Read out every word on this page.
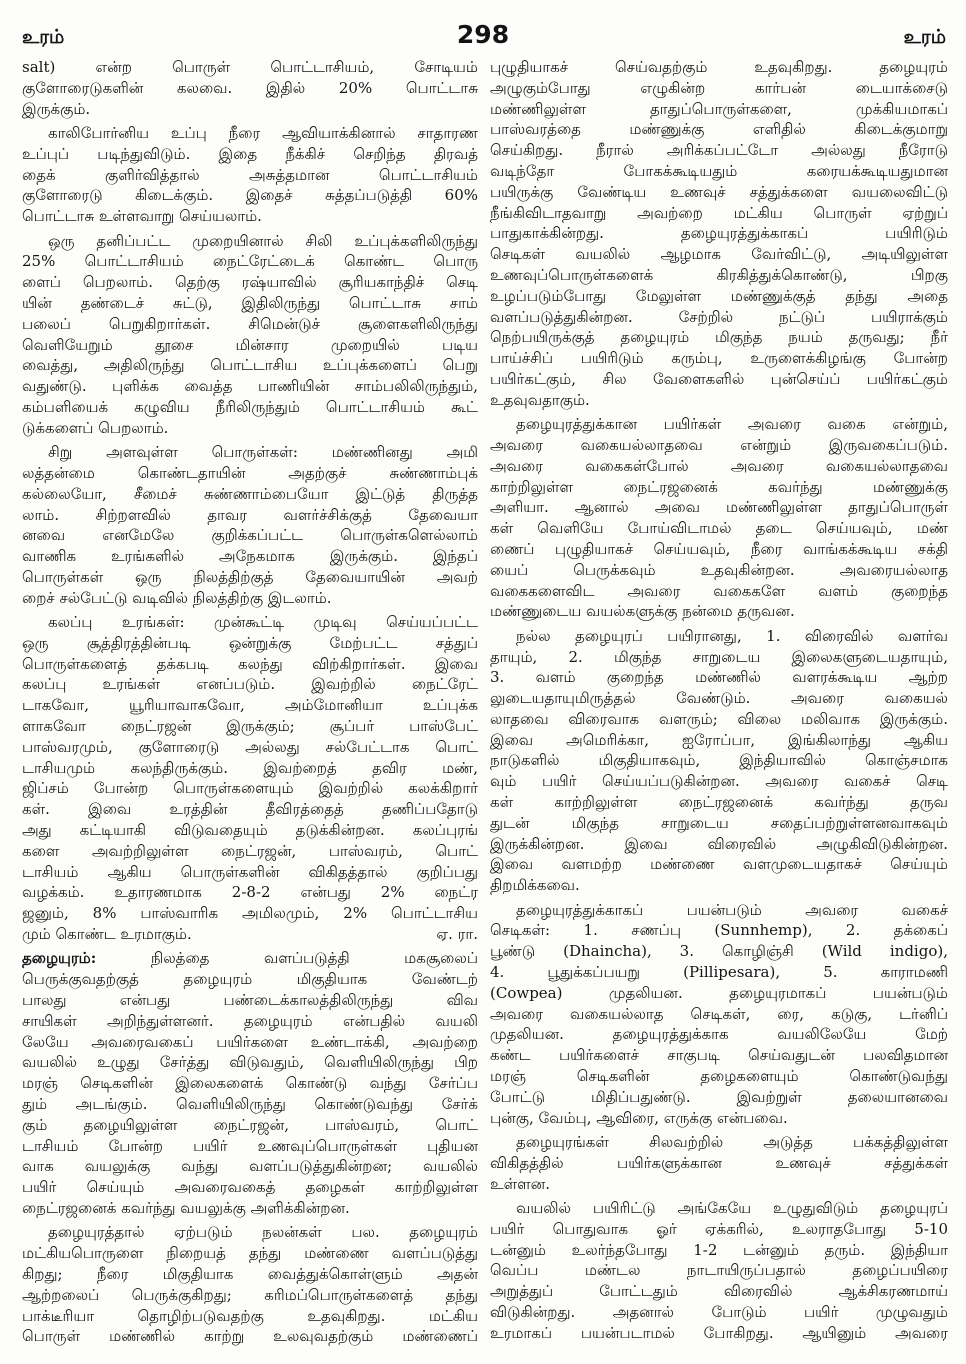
உரம்	298	உரம்
salt) என்ற பொருள் பொட்டாசியம், சோடியம்
குளோரைடுகளின் கலவை. இதில் 20% பொட்டாசு
இருக்கும்.
காலிபோர்னிய உப்பு நீரை ஆவியாக்கினால் சாதாரண
உப்புப் படிந்துவிடும். இதை நீக்கிச் செறிந்த திரவத்
தைக் குளிர்வித்தால் அசுத்தமான பொட்டாசியம்
குளோரைடு கிடைக்கும். இதைச் சுத்தப்படுத்தி 60%
பொட்டாசு உள்ளவாறு செய்யலாம்.
ஒரு தனிப்பட்ட முறையினால் சிலி உப்புக்களிலிருந்து
25% பொட்டாசியம் நைட்ரேட்டைக் கொண்ட பொரு
ளைப் பெறலாம். தெற்கு ரஷ்யாவில் சூரியகாந்திச் செடி
யின் தண்டைச் சுட்டு, இதிலிருந்து பொட்டாசு சாம்
பலைப் பெறுகிறார்கள். சிமென்டுச் சூளைகளிலிருந்து
வெளியேறும் தூசை மின்சார முறையில் படிய
வைத்து, அதிலிருந்து பொட்டாசிய உப்புக்களைப் பெறு
வதுண்டு. புளிக்க வைத்த பாணியின் சாம்பலிலிருந்தும்,
கம்பளியைக் கழுவிய நீரிலிருந்தும் பொட்டாசியம் கூட்
டுக்களைப் பெறலாம்.
சிறு அளவுள்ள பொருள்கள்: மண்ணினது அமி
லத்தன்மை கொண்டதாயின் அதற்குச் சுண்ணாம்புக்
கல்லையோ, சீமைச் சுண்ணாம்பையோ இட்டுத் திருத்த
லாம். சிற்றளவில் தாவர வளர்ச்சிக்குத் தேவையா
னவை எனமேலே குறிக்கப்பட்ட பொருள்களெல்லாம்
வாணிக உரங்களில் அநேகமாக இருக்கும். இந்தப்
பொருள்கள் ஒரு நிலத்திற்குத் தேவையாயின் அவற்
றைச் சல்பேட்டு வடிவில் நிலத்திற்கு இடலாம்.
கலப்பு உரங்கள்: முன்கூட்டி முடிவு செய்யப்பட்ட
ஒரு சூத்திரத்தின்படி ஒன்றுக்கு மேற்பட்ட சத்துப்
பொருள்களைத் தக்கபடி கலந்து விற்கிறார்கள். இவை
கலப்பு உரங்கள் எனப்படும். இவற்றில் நைட்ரேட்
டாகவோ, யூரியாவாகவோ, அம்மோனியா உப்புக்க
ளாகவோ நைட்ரஜன் இருக்கும்; சூப்பர் பாஸ்பேட்
பாஸ்வரமும், குளோரைடு அல்லது சல்பேட்டாக பொட்
டாசியமும் கலந்திருக்கும். இவற்றைத் தவிர மண்,
ஜிப்சம் போன்ற பொருள்களையும் இவற்றில் கலக்கிறார்
கள். இவை உரத்தின் தீவிரத்தைத் தணிப்பதோடு
அது கட்டியாகி விடுவதையும் தடுக்கின்றன. கலப்புரங்
களை அவற்றிலுள்ள நைட்ரஜன், பாஸ்வரம், பொட்
டாசியம் ஆகிய பொருள்களின் விகிதத்தால் குறிப்பது
வழக்கம். உதாரணமாக 2-8-2 என்பது 2% நைட்ர
ஜனும், 8% பாஸ்வாரிக அமிலமும், 2% பொட்டாசிய
மும் கொண்ட உரமாகும்.	ஏ. ரா.
தழையுரம்:	நிலத்தை வளப்படுத்தி மகசூலைப்
பெருக்குவதற்குத் தழையுரம் மிகுதியாக வேண்டற்
பாலது என்பது பண்டைக்காலத்திலிருந்து விவ
சாயிகள் அறிந்துள்ளனர். தழையுரம் என்பதில் வயலி
லேயே அவரைவகைப் பயிர்களை உண்டாக்கி, அவற்றை
வயலில் உழுது சேர்த்து விடுவதும், வெளியிலிருந்து பிற
மரஞ் செடிகளின் இலைகளைக் கொண்டு வந்து சேர்ப்ப
தும் அடங்கும். வெளியிலிருந்து கொண்டுவந்து சேர்க்
கும் தழையிலுள்ள நைட்ரஜன், பாஸ்வரம், பொட்
டாசியம் போன்ற பயிர் உணவுப்பொருள்கள் புதியன
வாக வயலுக்கு வந்து வளப்படுத்துகின்றன; வயலில்
பயிர் செய்யும் அவரைவகைத் தழைகள் காற்றிலுள்ள
நைட்ரஜனைக் கவர்ந்து வயலுக்கு அளிக்கின்றன.
தழையுரத்தால் ஏற்படும் நலன்கள் பல. தழையுரம்
மட்கியபொருளை நிறையத் தந்து மண்ணை வளப்படுத்து
கிறது; நீரை மிகுதியாக வைத்துக்கொள்ளும் அதன்
ஆற்றலைப் பெருக்குகிறது; கரிமப்பொருள்களைத் தந்து
பாக்டீரியா தொழிற்படுவதற்கு உதவுகிறது. மட்கிய
பொருள் மண்ணில் காற்று உலவுவதற்கும் மண்ணைப்
புழுதியாகச் செய்வதற்கும் உதவுகிறது. தழையுரம்
அழுகும்போது எழுகின்ற கார்பன் டையாக்சைடு
மண்ணிலுள்ள தாதுப்பொருள்களை, முக்கியமாகப்
பாஸ்வரத்தை மண்ணுக்கு எளிதில் கிடைக்குமாறு
செய்கிறது. நீரால் அரிக்கப்பட்டோ அல்லது நீரோடு
வடிந்தோ போகக்கூடியதும் கரையக்கூடியதுமான
பயிருக்கு வேண்டிய உணவுச் சத்துக்களை வயலைவிட்டு
நீங்கிவிடாதவாறு அவற்றை மட்கிய பொருள் ஏற்றுப்
பாதுகாக்கின்றது. தழையுரத்துக்காகப் பயிரிடும்
செடிகள் வயலில் ஆழமாக வேர்விட்டு, அடியிலுள்ள
உணவுப்பொருள்களைக் கிரகித்துக்கொண்டு, பிறகு
உழப்படும்போது மேலுள்ள மண்ணுக்குத் தந்து அதை
வளப்படுத்துகின்றன. சேற்றில் நட்டுப் பயிராக்கும்
நெற்பயிருக்குத் தழையுரம் மிகுந்த நயம் தருவது; நீர்
பாய்ச்சிப் பயிரிடும் கரும்பு, உருளைக்கிழங்கு போன்ற
பயிர்கட்கும், சில வேளைகளில் புன்செய்ப் பயிர்கட்கும்
உதவுவதாகும்.
தழையுரத்துக்கான பயிர்கள் அவரை வகை என்றும்,
அவரை வகையல்லாதவை என்றும் இருவகைப்படும்.
அவரை வகைகள்போல் அவரை வகையல்லாதவை
காற்றிலுள்ள நைட்ரஜனைக் கவர்ந்து மண்ணுக்கு
அளியா. ஆனால் அவை மண்ணிலுள்ள தாதுப்பொருள்
கள் வெளியே போய்விடாமல் தடை செய்யவும், மண்
ணைப் புழுதியாகச் செய்யவும், நீரை வாங்கக்கூடிய சக்தி
யைப் பெருக்கவும் உதவுகின்றன. அவரையல்லாத
வகைகளைவிட அவரை வகைகளே வளம் குறைந்த
மண்ணுடைய வயல்களுக்கு நன்மை தருவன.
நல்ல தழையுரப் பயிரானது, 1. விரைவில் வளர்வ
தாயும், 2. மிகுந்த சாறுடைய இலைகளுடையதாயும்,
3. வளம் குறைந்த மண்ணில் வளரக்கூடிய ஆற்ற
லுடையதாயுமிருத்தல் வேண்டும். அவரை வகையல்
லாதவை விரைவாக வளரும்; விலை மலிவாக இருக்கும்.
இவை அமெரிக்கா, ஐரோப்பா, இங்கிலாந்து ஆகிய
நாடுகளில் மிகுதியாகவும், இந்தியாவில் கொஞ்சமாக
வும் பயிர் செய்யப்படுகின்றன. அவரை வகைச் செடி
கள் காற்றிலுள்ள நைட்ரஜனைக் கவர்ந்து தருவ
துடன் மிகுந்த சாறுடைய சதைப்பற்றுள்ளனவாகவும்
இருக்கின்றன. இவை விரைவில் அழுகிவிடுகின்றன.
இவை வளமற்ற மண்ணை வளமுடையதாகச் செய்யும்
திறமிக்கவை.
தழையுரத்துக்காகப் பயன்படும் அவரை வகைச்
செடிகள்: 1. சணப்பு (Sunnhemp), 2. தக்கைப்
பூண்டு (Dhaincha), 3. கொழிஞ்சி (Wild indigo),
4. பூதுக்கப்பயறு (Pillipesara), 5. காராமணி
(Cowpea) முதலியன. தழையுரமாகப் பயன்படும்
அவரை வகையல்லாத செடிகள், ரை, கடுகு, டர்னிப்
முதலியன. தழையுரத்துக்காக வயலிலேயே மேற்
கண்ட பயிர்களைச் சாகுபடி செய்வதுடன் பலவிதமான
மரஞ் செடிகளின் தழைகளையும் கொண்டுவந்து
போட்டு மிதிப்பதுண்டு. இவற்றுள் தலையானவை
புன்கு, வேம்பு, ஆவிரை, எருக்கு என்பவை.
தழையுரங்கள் சிலவற்றில் அடுத்த பக்கத்திலுள்ள
விகிதத்தில் பயிர்களுக்கான உணவுச் சத்துக்கள்
உள்ளன.
வயலில் பயிரிட்டு அங்கேயே உழுதுவிடும் தழையுரப்
பயிர் பொதுவாக ஓர் ஏக்கரில், உலராதபோது 5-10
டன்னும் உலர்ந்தபோது 1-2 டன்னும் தரும். இந்தியா
வெப்ப மண்டல நாடாயிருப்பதால் தழைப்பயிரை
அறுத்துப் போட்டதும் விரைவில் ஆக்சிகரணமாய்
விடுகின்றது. அதனால் போடும் பயிர் முழுவதும்
உரமாகப் பயன்படாமல் போகிறது. ஆயினும் அவரை
